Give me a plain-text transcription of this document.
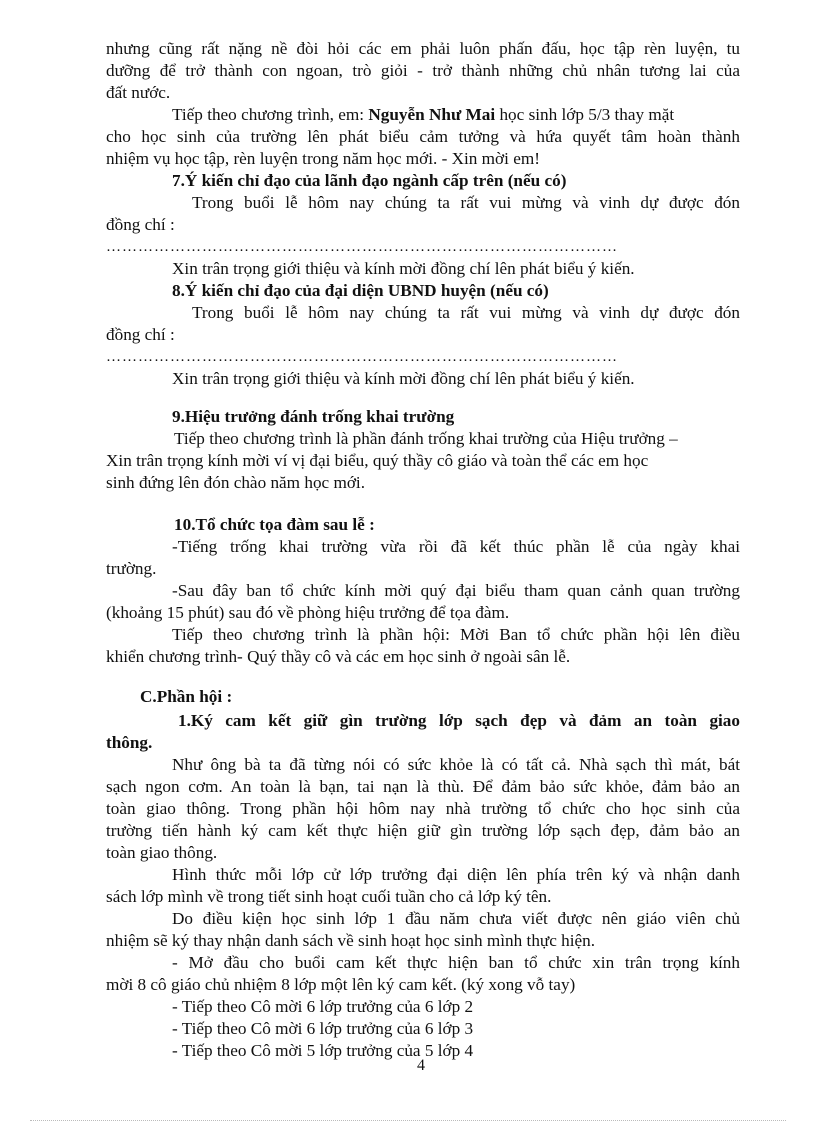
nhưng cũng rất nặng nề đòi hỏi các em phải luôn phấn đấu, học tập rèn luyện, tu

dưỡng để trở thành con ngoan, trò giỏi - trở thành những chủ nhân tương lai của

đất nước.

Tiếp theo chương trình, em: Nguyễn Như Mai học sinh lớp 5/3 thay mặt

cho học sinh của trường lên phát biểu cảm tưởng và hứa quyết tâm hoàn thành

nhiệm vụ học tập, rèn luyện trong năm học mới. - Xin mời em!

7.Ý kiến chỉ đạo của lãnh đạo ngành cấp trên (nếu có)

Trong buổi lễ hôm nay chúng ta rất vui mừng và vinh dự được đón

đồng chí :

……………………………………………………………………………………

Xin trân trọng giới thiệu và kính mời đồng chí lên phát biểu ý kiến.

8.Ý kiến chỉ đạo của đại diện UBND huyện (nếu có)

Trong buổi lễ hôm nay chúng ta rất vui mừng và vinh dự được đón

đồng chí :

……………………………………………………………………………………

Xin trân trọng giới thiệu và kính mời đồng chí lên phát biểu ý kiến.

9.Hiệu trưởng đánh trống khai trường

Tiếp theo chương trình là phần đánh trống khai trường của Hiệu trưởng –

Xin trân trọng kính mời ví vị đại biểu, quý thầy cô giáo và toàn thể các em học

sinh đứng lên đón chào năm học mới.

10.Tổ chức tọa đàm sau lễ :

-Tiếng trống khai trường vừa rồi đã kết thúc phần lễ của ngày khai

trường.

-Sau đây ban tổ chức kính mời quý đại biểu tham quan cảnh quan trường

(khoảng 15 phút) sau đó về phòng hiệu trưởng để tọa đàm.

Tiếp theo chương trình là phần hội: Mời Ban tổ chức phần hội lên điều

khiển chương trình- Quý thầy cô và các em học sinh ở ngoài sân lễ.

C.Phần hội :

1.Ký cam kết giữ gìn trường lớp sạch đẹp và đảm an toàn giao

thông.

Như ông bà ta đã từng nói có sức khỏe là có tất cả. Nhà sạch thì mát, bát

sạch ngon cơm. An toàn là bạn, tai nạn là thù. Để đảm bảo sức khỏe, đảm bảo an

toàn giao thông. Trong phần hội hôm nay nhà trường tổ chức cho học sinh của

trường tiến hành ký cam kết thực hiện giữ gìn trường lớp sạch đẹp, đảm bảo an

toàn giao thông.

Hình thức mỗi lớp cử lớp trưởng đại diện lên phía trên ký và nhận danh

sách lớp mình về trong tiết sinh hoạt cuối tuần cho cả lớp ký tên.

Do điều kiện học sinh lớp 1 đầu năm chưa viết được nên giáo viên chủ

nhiệm sẽ ký thay nhận danh sách về sinh hoạt học sinh mình thực hiện.

- Mở đầu cho buổi cam kết thực hiện ban tổ chức xin trân trọng kính

mời 8 cô giáo chủ nhiệm 8 lớp một lên ký cam kết. (ký xong vỗ tay)

- Tiếp theo Cô mời 6 lớp trưởng của 6 lớp 2

- Tiếp theo Cô mời 6 lớp trưởng của 6 lớp 3

- Tiếp theo Cô mời 5 lớp trưởng của 5 lớp 4

4
